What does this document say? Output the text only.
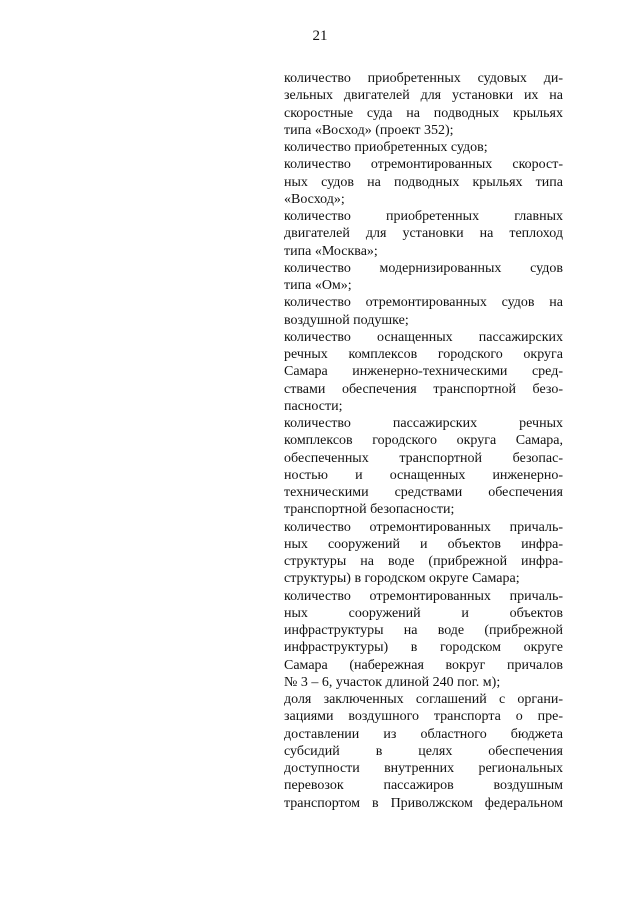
21
количество приобретенных судовых ди-
зельных двигателей для установки их на
скоростные суда на подводных крыльях
типа «Восход» (проект 352);
количество приобретенных судов;
количество отремонтированных скорост-
ных судов на подводных крыльях типа
«Восход»;
количество приобретенных главных
двигателей для установки на теплоход
типа «Москва»;
количество модернизированных судов
типа «Ом»;
количество отремонтированных судов на
воздушной подушке;
количество оснащенных пассажирских
речных комплексов городского округа
Самара инженерно-техническими сред-
ствами обеспечения транспортной безо-
пасности;
количество пассажирских речных
комплексов городского округа Самара,
обеспеченных транспортной безопас-
ностью и оснащенных инженерно-
техническими средствами обеспечения
транспортной безопасности;
количество отремонтированных причаль-
ных сооружений и объектов инфра-
структуры на воде (прибрежной инфра-
структуры) в городском округе Самара;
количество отремонтированных причаль-
ных сооружений и объектов
инфраструктуры на воде (прибрежной
инфраструктуры) в городском округе
Самара (набережная вокруг причалов
№ 3 – 6, участок длиной 240 пог. м);
доля заключенных соглашений с органи-
зациями воздушного транспорта о пре-
доставлении из областного бюджета
субсидий в целях обеспечения
доступности внутренних региональных
перевозок пассажиров воздушным
транспортом в Приволжском федеральном
